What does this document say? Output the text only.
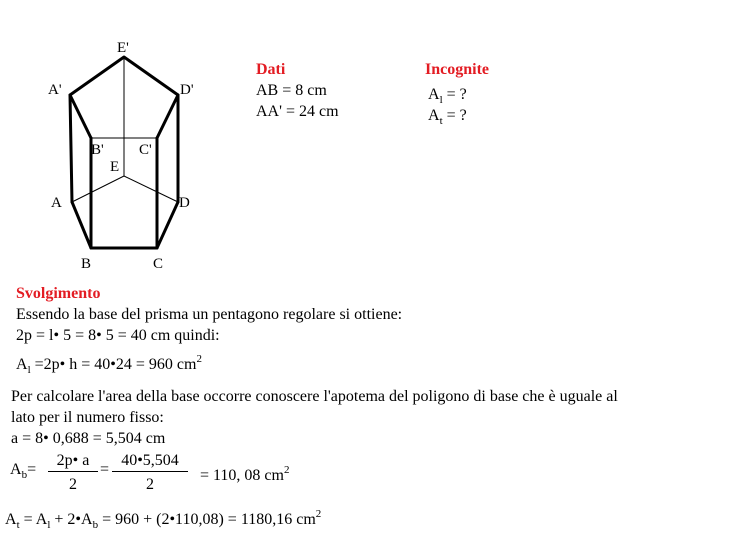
E'
A'	D'
B' C'
E
A	D
B	C
Dati
AB = 8 cm
AA' = 24 cm
Incognite
$A_l$ = ?
$A_t$ = ?
Svolgimento
Essendo la base del prisma un pentagono regolare si ottiene:
2p = l• 5 = 8• 5 = 40 cm quindi:
$A_l$ =2p• h = 40•24 = 960 $cm^2$
Per calcolare l'area della base occorre conoscere l'apotema del poligono di base che è uguale al
lato per il numero fisso:
a = 8• 0,688 = 5,504 cm
$A_b= \frac{2p• a}{2} = \frac{40•5,504}{2} = 110$, 08 $cm^2$
$A_t = A_l$ + $2•A_b = 960$ + (2•110,08) = 1180,16 $cm^2$
